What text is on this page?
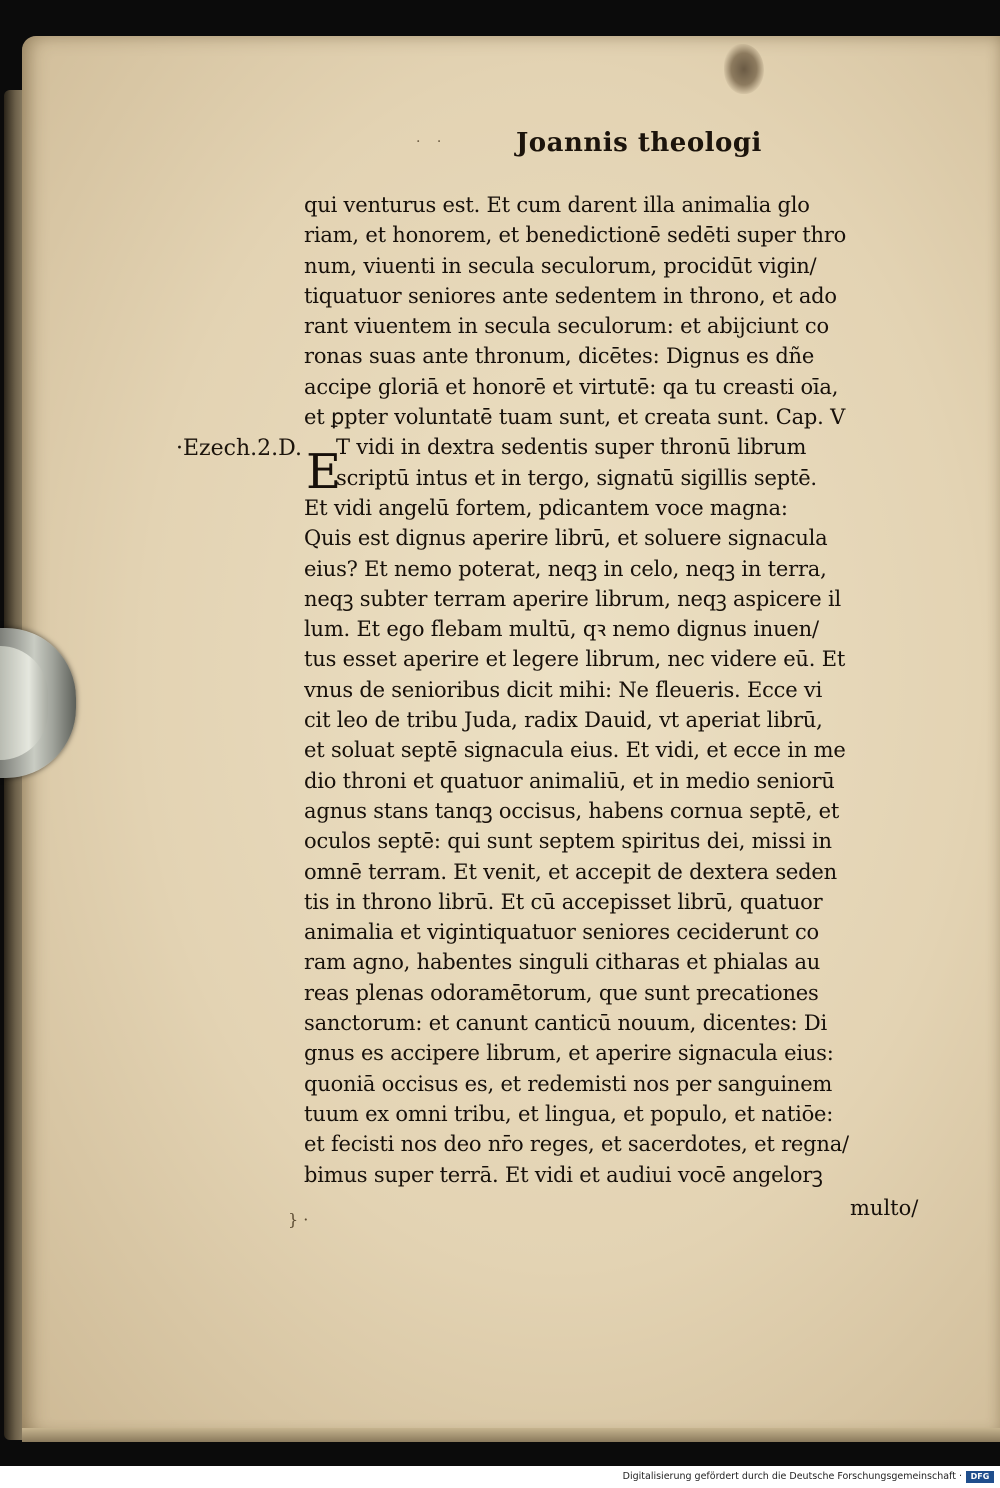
· ·	Joannis theologi
·Ezech.2.D. E
qui venturus est. Et cum darent illa animalia glo
riam, et honorem, et benedictionē sedēti super thro
num, viuenti in secula seculorum, procidūt vigin/
tiquatuor seniores ante sedentem in throno, et ado
rant viuentem in secula seculorum: et abijciunt co
ronas suas ante thronum, dicētes: Dignus es dñe
accipe gloriā et honorē et virtutē: qa tu creasti oīa,
et ꝑpter voluntatē tuam sunt, et creata sunt. Cap. V
T vidi in dextra sedentis super thronū librum
scriptū intus et in tergo, signatū sigillis septē.
Et vidi angelū fortem, pdicantem voce magna:
Quis est dignus aperire librū, et soluere signacula
eius? Et nemo poterat, neqꝫ in celo, neqꝫ in terra,
neqꝫ subter terram aperire librum, neqꝫ aspicere il
lum. Et ego flebam multū, qꝛ nemo dignus inuen/
tus esset aperire et legere librum, nec videre eū. Et
vnus de senioribus dicit mihi: Ne fleueris. Ecce vi
cit leo de tribu Juda, radix Dauid, vt aperiat librū,
et soluat septē signacula eius. Et vidi, et ecce in me
dio throni et quatuor animaliū, et in medio seniorū
agnus stans tanqꝫ occisus, habens cornua septē, et
oculos septē: qui sunt septem spiritus dei, missi in
omnē terram. Et venit, et accepit de dextera seden
tis in throno librū. Et cū accepisset librū, quatuor
animalia et vigintiquatuor seniores ceciderunt co
ram agno, habentes singuli citharas et phialas au
reas plenas odoramētorum, que sunt precationes
sanctorum: et canunt canticū nouum, dicentes: Di
gnus es accipere librum, et aperire signacula eius:
quoniā occisus es, et redemisti nos per sanguinem
tuum ex omni tribu, et lingua, et populo, et natiōe:
et fecisti nos deo nr̄o reges, et sacerdotes, et regna/
bimus super terrā. Et vidi et audiui vocē angelorꝫ
multo/
} ·
Digitalisierung gefördert durch die Deutsche Forschungsgemeinschaft ·	DFG
